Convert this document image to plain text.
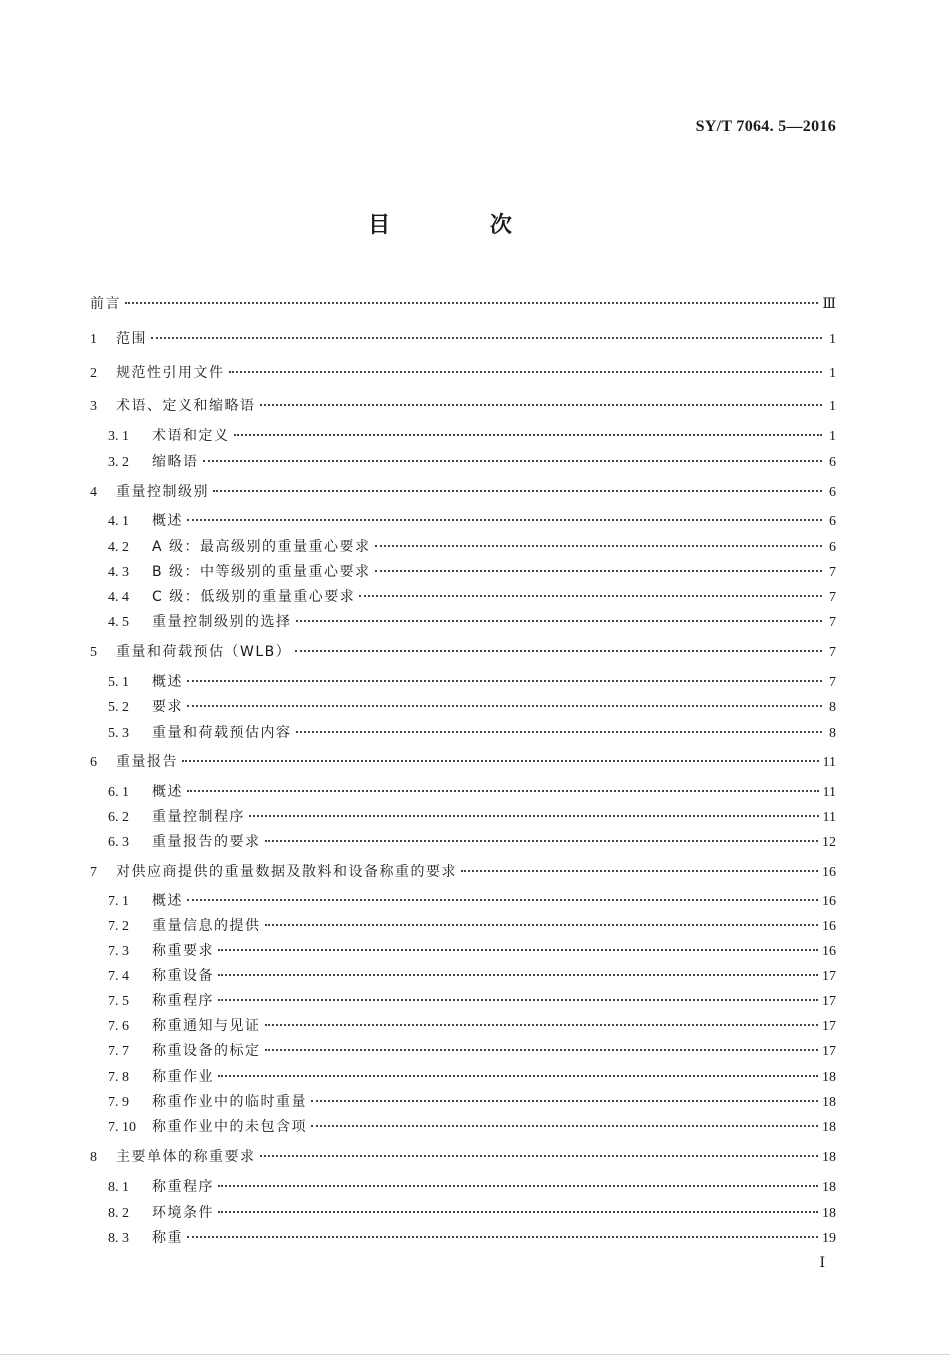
SY/T 7064. 5—2016
目 次
前言	Ⅲ
1	范围	1
2	规范性引用文件	1
3	术语、定义和缩略语	1
3. 1	术语和定义	1
3. 2	缩略语	6
4	重量控制级别	6
4. 1	概述	6
4. 2	A 级：最高级别的重量重心要求	6
4. 3	B 级：中等级别的重量重心要求	7
4. 4	C 级：低级别的重量重心要求	7
4. 5	重量控制级别的选择	7
5	重量和荷载预估（WLB）	7
5. 1	概述	7
5. 2	要求	8
5. 3	重量和荷载预估内容	8
6	重量报告	11
6. 1	概述	11
6. 2	重量控制程序	11
6. 3	重量报告的要求	12
7	对供应商提供的重量数据及散料和设备称重的要求	16
7. 1	概述	16
7. 2	重量信息的提供	16
7. 3	称重要求	16
7. 4	称重设备	17
7. 5	称重程序	17
7. 6	称重通知与见证	17
7. 7	称重设备的标定	17
7. 8	称重作业	18
7. 9	称重作业中的临时重量	18
7. 10	称重作业中的未包含项	18
8	主要单体的称重要求	18
8. 1	称重程序	18
8. 2	环境条件	18
8. 3	称重	19
Ⅰ
